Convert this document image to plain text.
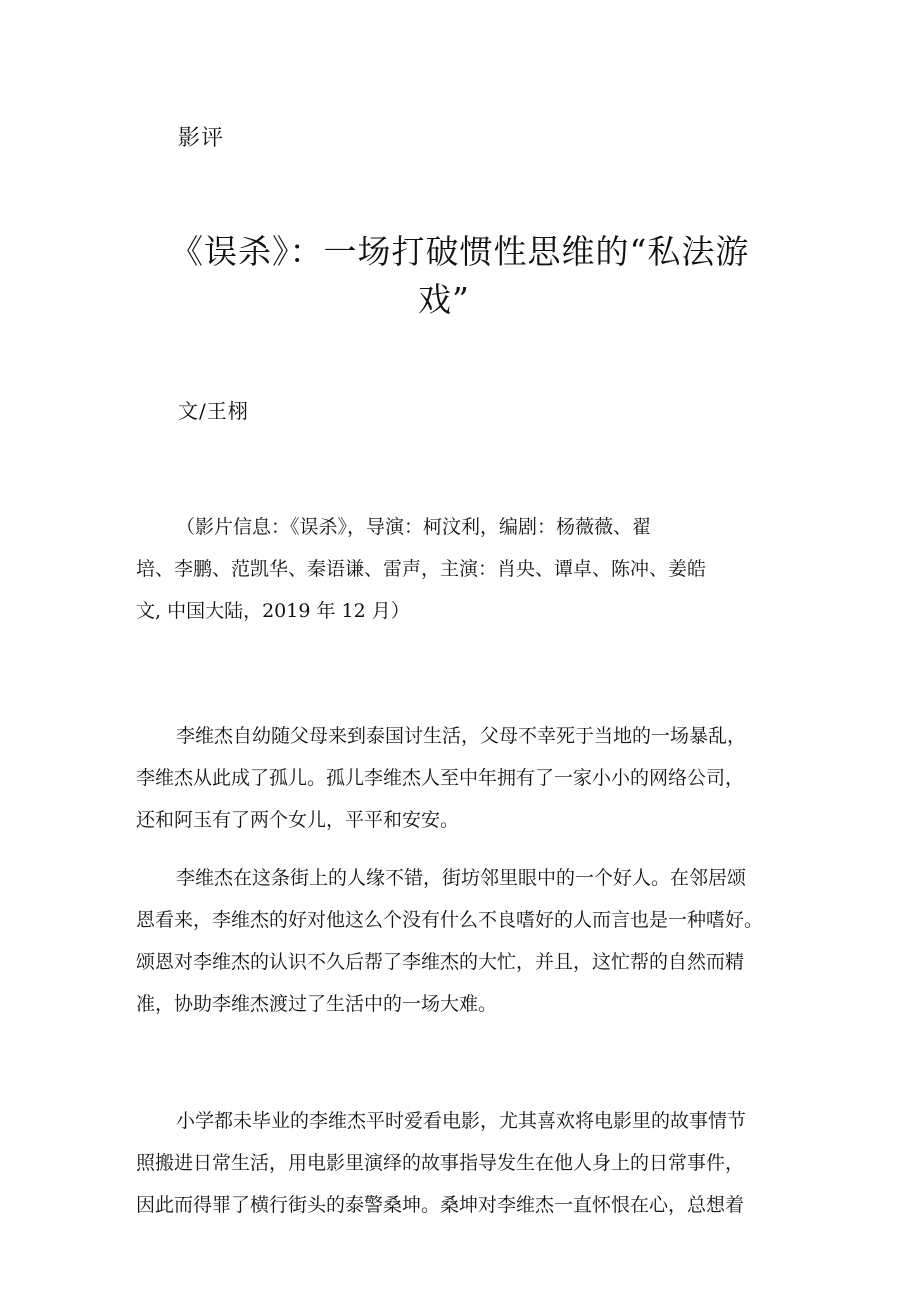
影评
《误杀》：一场打破惯性思维的“私法游
戏”
文/王栩
（影片信息：《误杀》，导演：柯汶利，编剧：杨薇薇、翟
培、李鹏、范凯华、秦语谦、雷声，主演：肖央、谭卓、陈冲、姜皓
文, 中国大陆，2019 年 12 月）
李维杰自幼随父母来到泰国讨生活，父母不幸死于当地的一场暴乱，
李维杰从此成了孤儿。孤儿李维杰人至中年拥有了一家小小的网络公司，
还和阿玉有了两个女儿，平平和安安。
李维杰在这条街上的人缘不错，街坊邻里眼中的一个好人。在邻居颂
恩看来，李维杰的好对他这么个没有什么不良嗜好的人而言也是一种嗜好。
颂恩对李维杰的认识不久后帮了李维杰的大忙，并且，这忙帮的自然而精
准，协助李维杰渡过了生活中的一场大难。
小学都未毕业的李维杰平时爱看电影，尤其喜欢将电影里的故事情节
照搬进日常生活，用电影里演绎的故事指导发生在他人身上的日常事件，
因此而得罪了横行街头的泰警桑坤。桑坤对李维杰一直怀恨在心，总想着
